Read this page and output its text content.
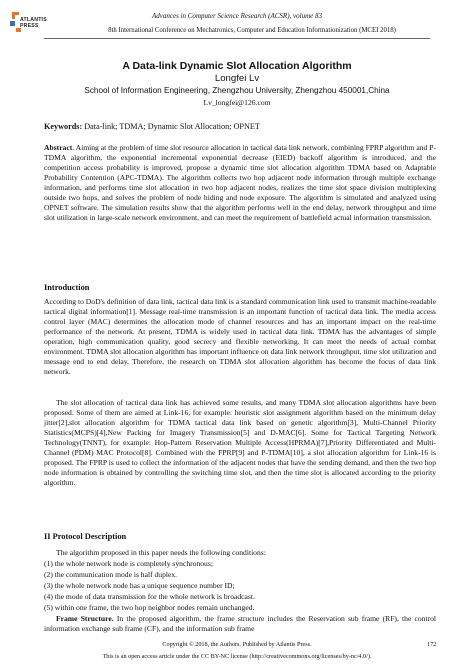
ATLANTIS
PRESS
Advances in Computer Science Research (ACSR), volume 83
8th International Conference on Mechatronics, Computer and Education Informationization (MCEI 2018)
A Data-link Dynamic Slot Allocation Algorithm
Longfei Lv
School of Information Engineering, Zhengzhou University, Zhengzhou 450001,China
Lv_longfei@126.com
Keywords: Data-link; TDMA; Dynamic Slot Allocation; OPNET
Abstract. Aiming at the problem of time slot resource allocation in tactical data link network, combining FPRP algorithm and P-TDMA algorithm, the exponential incremental exponential decrease (EIED) backoff algorithm is introduced, and the competition access probability is improved, propose a dynamic time slot allocation algorithm TDMA based on Adaptable Probability Contention (APC-TDMA). The algorithm collects two hop adjacent node information through multiple exchange information, and performs time slot allocation in two hop adjacent nodes, realizes the time slot space division multiplexing outside two hops, and solves the problem of node hiding and node exposure. The algorithm is simulated and analyzed using OPNET software. The simulation results show that the algorithm performs well in the end delay, network throughput and time slot utilization in large-scale network environment, and can meet the requirement of battlefield actual information transmission.
Introduction
According to DoD's definition of data link, tactical data link is a standard communication link used to transmit machine-readable tactical digital information[1]. Message real-time transmission is an important function of tactical data link. The media access control layer (MAC) determines the allocation mode of channel resources and has an important impact on the real-time performance of the network. At present, TDMA is widely used in tactical data link. TDMA has the advantages of simple operation, high communication quality, good secrecy and flexible networking. It can meet the needs of actual combat environment. TDMA slot allocation algorithm has important influence on data link network throughput, time slot utilization and message end to end delay. Therefore, the research on TDMA slot allocation algorithm has become the focus of data link network.
The slot allocation of tactical data link has achieved some results, and many TDMA slot allocation algorithms have been proposed. Some of them are aimed at Link-16, for example: heuristic slot assignment algorithm based on the minimum delay jitter[2],slot allocation algorithm for TDMA tactical data link based on genetic algorithm[3], Multi-Channel Priority Statistics(MCPS)[4],New Packing for Imagery Transmission[5] and D-MAC[6]. Some for Tactical Targeting Network Technology(TNNT), for example: Hop-Pattern Reservation Multiple Access(HPRMA)[7],Priority Differentiated and Multi-Channel (PDM) MAC Protocol[8]. Combined with the FPRP[9] and P-TDMA[10], a slot allocation algorithm for Link-16 is proposed. The FPRP is used to collect the information of the adjacent nodes that have the sending demand, and then the two hop node information is obtained by controlling the switching time slot, and then the time slot is allocated according to the priority algorithm.
II Protocol Description
The algorithm proposed in this paper needs the following conditions:
(1) the whole network node is completely synchronous;
(2) the communication mode is half duplex.
(3) the whole network node has a unique sequence number ID;
(4) the mode of data transmission for the whole network is broadcast.
(5) within one frame, the two hop neighbor nodes remain unchanged.
Frame Structure. In the proposed algorithm, the frame structure includes the Reservation sub frame (RF), the control information exchange sub frame (CF), and the information sub frame
Copyright © 2018, the Authors. Published by Atlantis Press.	172
This is an open access article under the CC BY-NC license (http://creativecommons.org/licenses/by-nc/4.0/).
